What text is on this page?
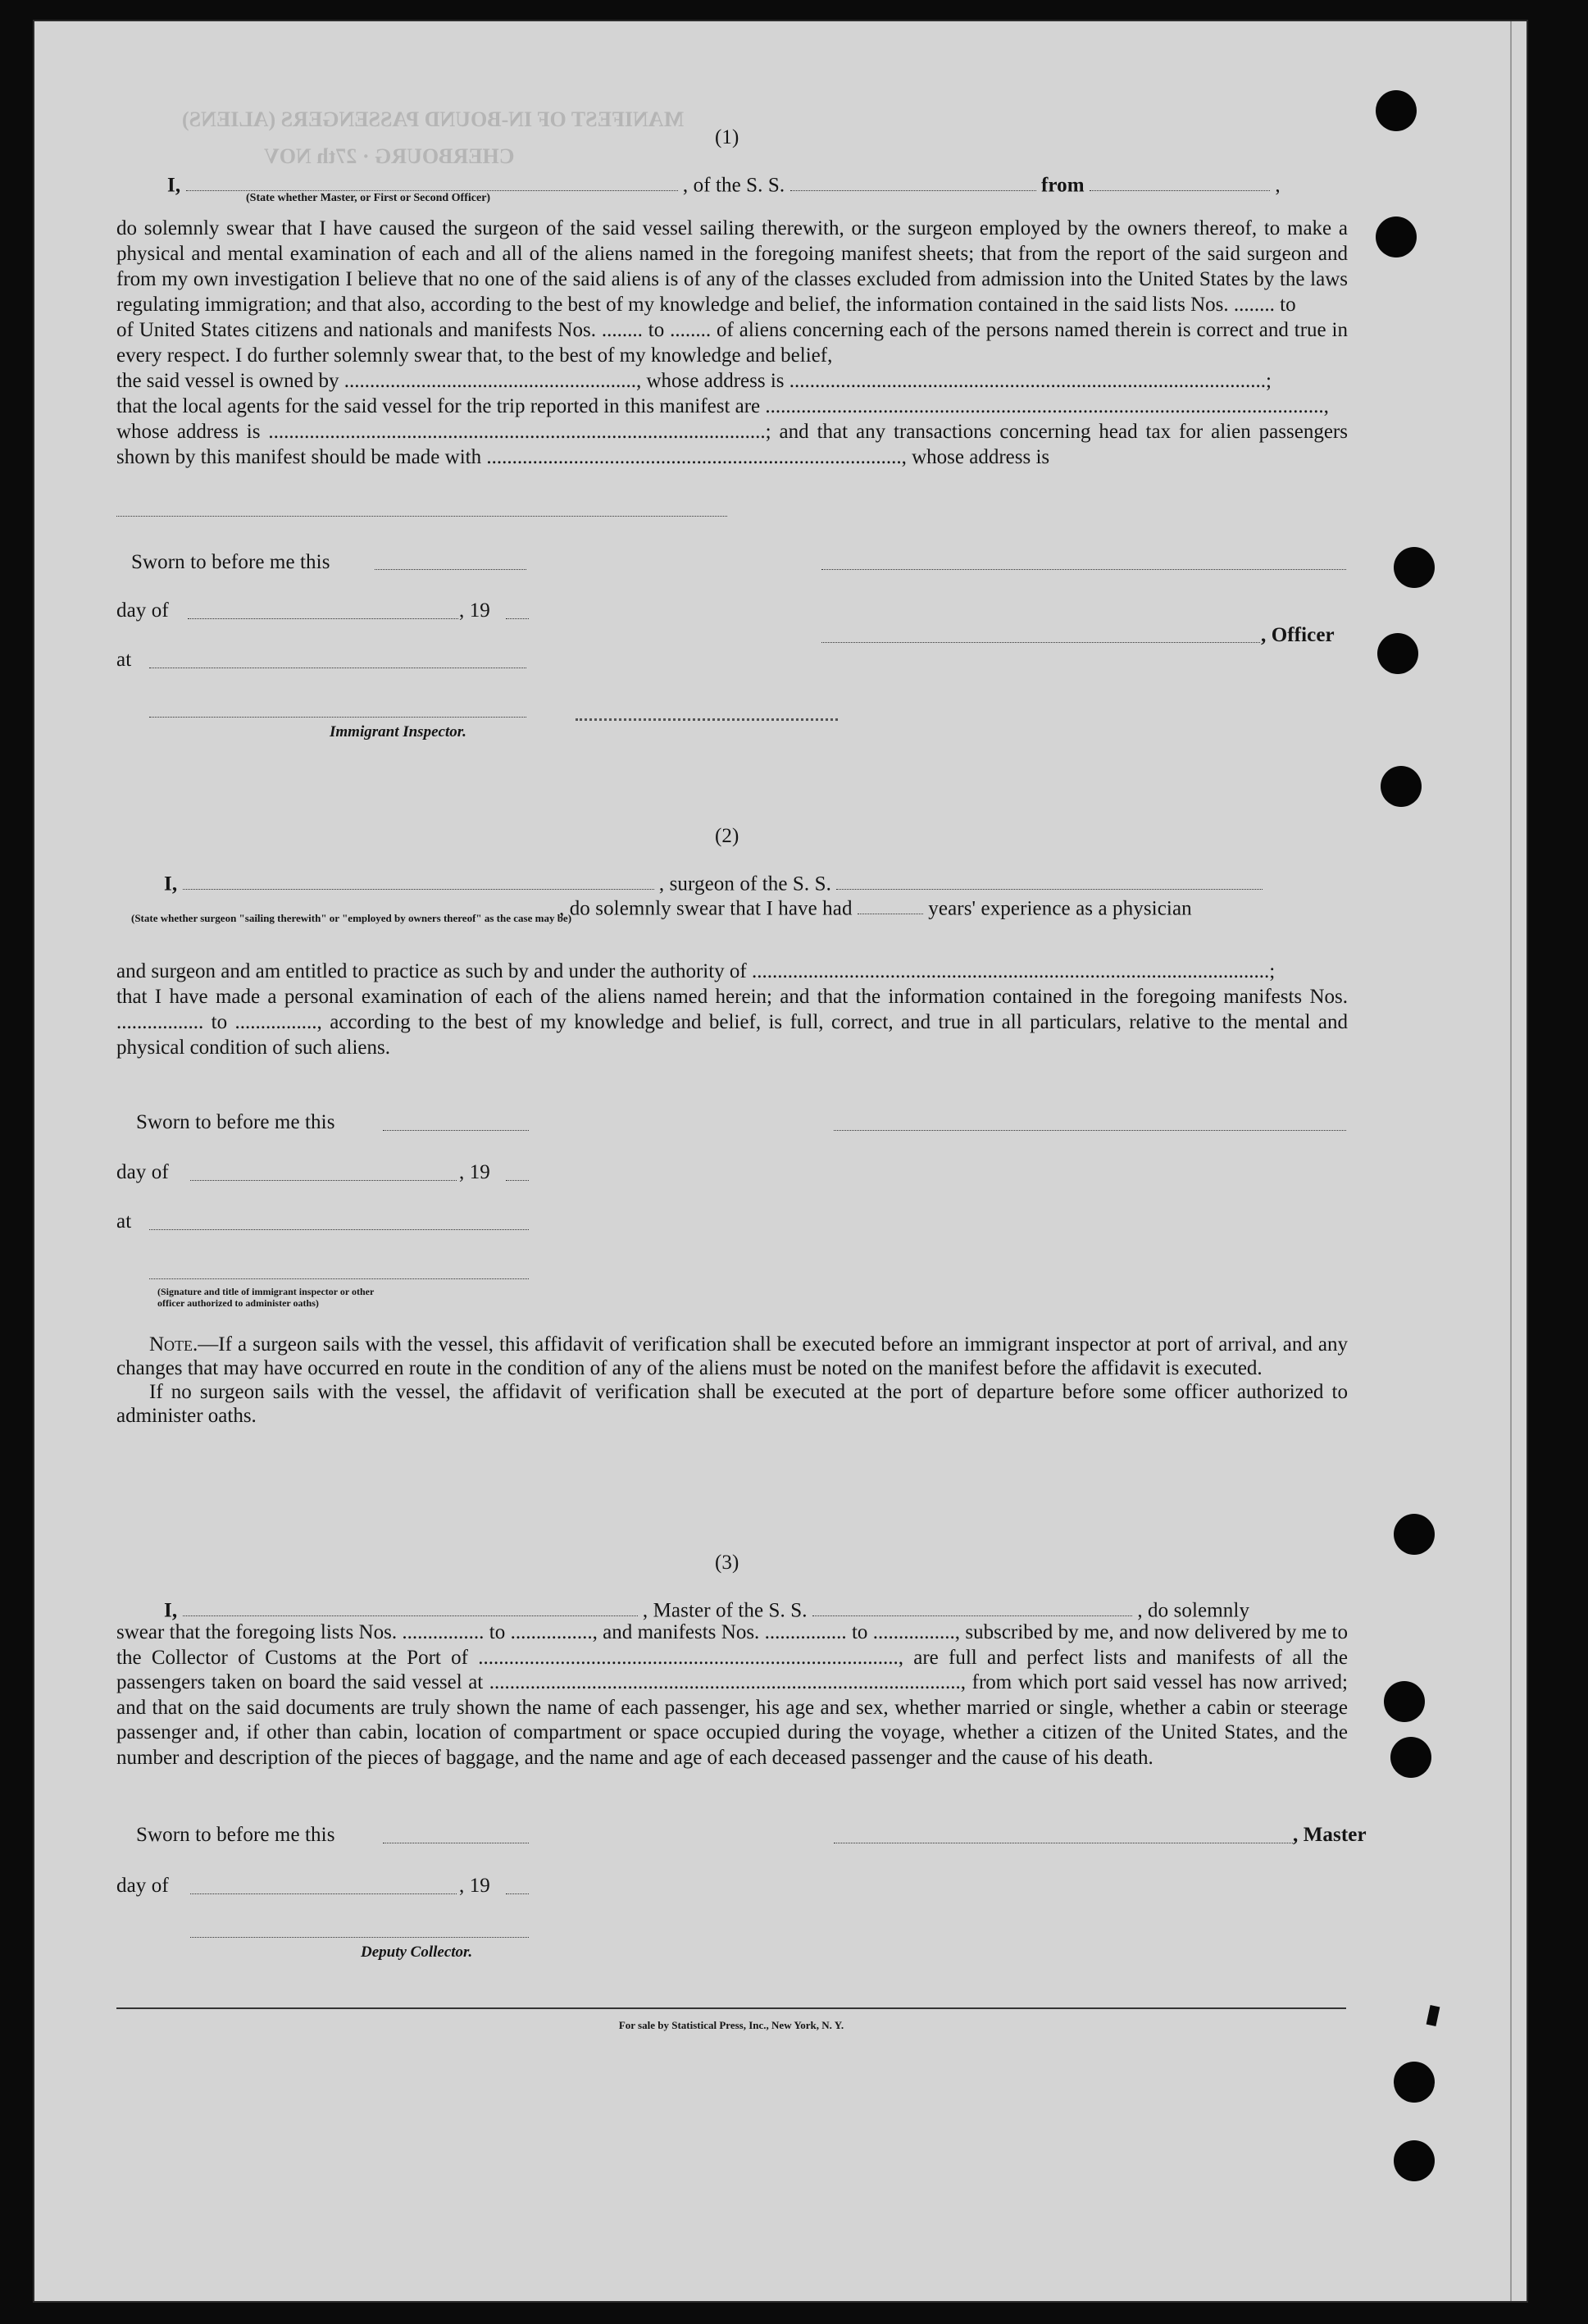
MANIFEST OF IN-BOUND PASSENGERS (ALIENS)
CHERBOURG · 27th NOV
(1)
I,	, of the S. S.	from	,
(State whether Master, or First or Second Officer)

do solemnly swear that I have caused the surgeon of the said vessel sailing therewith, or the surgeon employed by the owners thereof, to make a physical and mental examination of each and all of the aliens named in the foregoing manifest sheets; that from the report of the said surgeon and from my own investigation I believe that no one of the said aliens is of any of the classes excluded from admission into the United States by the laws regulating immigration; and that also, according to the best of my knowledge and belief, the information contained in the said lists Nos. ........ to

of United States citizens and nationals and manifests Nos. ........ to ........ of aliens concerning each of the persons named therein is correct and true in every respect. I do further solemnly swear that, to the best of my knowledge and belief,

the said vessel is owned by ........................................................., whose address is .............................................................................................;

that the local agents for the said vessel for the trip reported in this manifest are .............................................................................................................,

whose address is .................................................................................................; and that any transactions concerning head tax for alien passengers shown by this manifest should be made with ................................................................................., whose address is

Sworn to before me this
day of	, 19
at
, Officer
Immigrant Inspector.
(2)
I,	, surgeon of the S. S.
(State whether surgeon "sailing therewith" or "employed by owners thereof" as the case may be)
, do solemnly swear that I have had	years' experience as a physician

and surgeon and am entitled to practice as such by and under the authority of .....................................................................................................;

that I have made a personal examination of each of the aliens named herein; and that the information contained in the foregoing manifests Nos. ................. to ................, according to the best of my knowledge and belief, is full, correct, and true in all particulars, relative to the mental and physical condition of such aliens.

Sworn to before me this
day of	, 19
at
(Signature and title of immigrant inspector or other officer authorized to administer oaths)

Note.—If a surgeon sails with the vessel, this affidavit of verification shall be executed before an immigrant inspector at port of arrival, and any changes that may have occurred en route in the condition of any of the aliens must be noted on the manifest before the affidavit is executed.

If no surgeon sails with the vessel, the affidavit of verification shall be executed at the port of departure before some officer authorized to administer oaths.

(3)
I,	, Master of the S. S.	, do solemnly

swear that the foregoing lists Nos. ................ to ................, and manifests Nos. ................ to ................, subscribed by me, and now delivered by me to the Collector of Customs at the Port of .................................................................................., are full and perfect lists and manifests of all the passengers taken on board the said vessel at ............................................................................................, from which port said vessel has now arrived; and that on the said documents are truly shown the name of each passenger, his age and sex, whether married or single, whether a cabin or steerage passenger and, if other than cabin, location of compartment or space occupied during the voyage, whether a citizen of the United States, and the number and description of the pieces of baggage, and the name and age of each deceased passenger and the cause of his death.

Sworn to before me this	, Master
day of	, 19
Deputy Collector.
For sale by Statistical Press, Inc., New York, N. Y.
